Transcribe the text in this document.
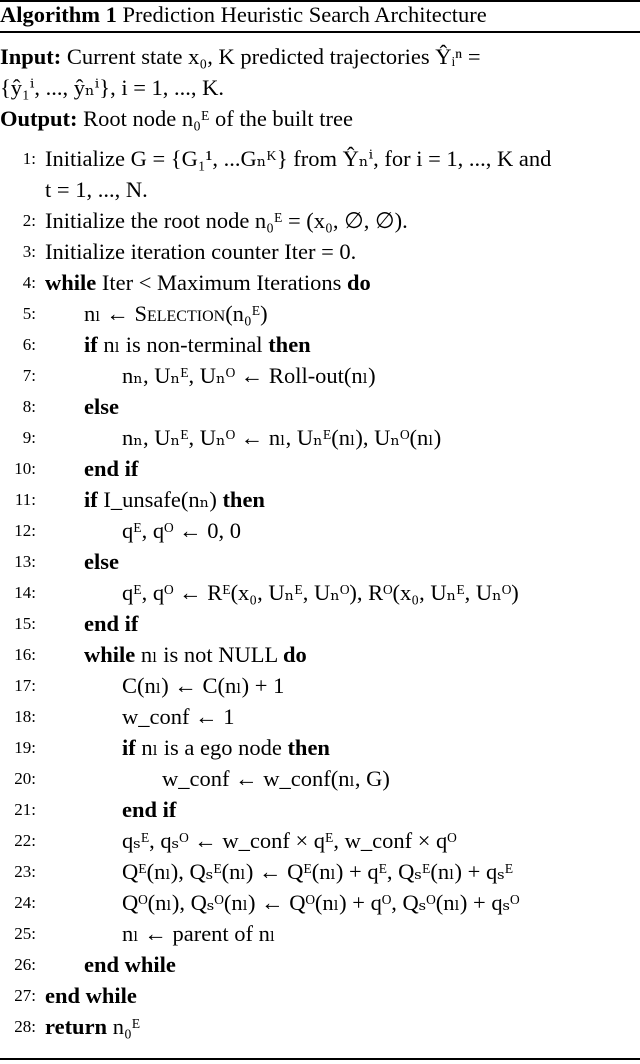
Algorithm 1 Prediction Heuristic Search Architecture
Input: Current state x₀, K predicted trajectories Ŷᵢⁿ =
{ŷ₁ⁱ, ..., ŷₙⁱ}, i = 1, ..., K.
Output: Root node n₀ᴱ of the built tree
1: Initialize G = {G₁¹, ...Gₙᴷ} from Ŷₙⁱ, for i = 1, ..., K and
t = 1, ..., N.
2: Initialize the root node n₀ᴱ = (x₀, ∅, ∅).
3: Initialize iteration counter Iter = 0.
4: while Iter < Maximum Iterations do
5: nₗ ← Selection(n₀ᴱ)
6: if nₗ is non-terminal then
7:	nₙ, Uₙᴱ, Uₙᴼ ← Roll-out(nₗ)
8: else
9:	nₙ, Uₙᴱ, Uₙᴼ ← nₗ, Uₙᴱ(nₗ), Uₙᴼ(nₗ)
10: end if
11: if I_unsafe(nₙ) then
12:	qᴱ, qᴼ ← 0, 0
13: else
14:	qᴱ, qᴼ ← Rᴱ(x₀, Uₙᴱ, Uₙᴼ), Rᴼ(x₀, Uₙᴱ, Uₙᴼ)
15: end if
16: while nₗ is not NULL do
17:	C(nₗ) ← C(nₗ) + 1
18:	w_conf ← 1
19:	if nₗ is a ego node then
20:	w_conf ← w_conf(nₗ, G)
21:	end if
22:	qₛᴱ, qₛᴼ ← w_conf × qᴱ, w_conf × qᴼ
23:	Qᴱ(nₗ), Qₛᴱ(nₗ) ← Qᴱ(nₗ) + qᴱ, Qₛᴱ(nₗ) + qₛᴱ
24:	Qᴼ(nₗ), Qₛᴼ(nₗ) ← Qᴼ(nₗ) + qᴼ, Qₛᴼ(nₗ) + qₛᴼ
25:	nₗ ← parent of nₗ
26: end while
27: end while
28: return n₀ᴱ
